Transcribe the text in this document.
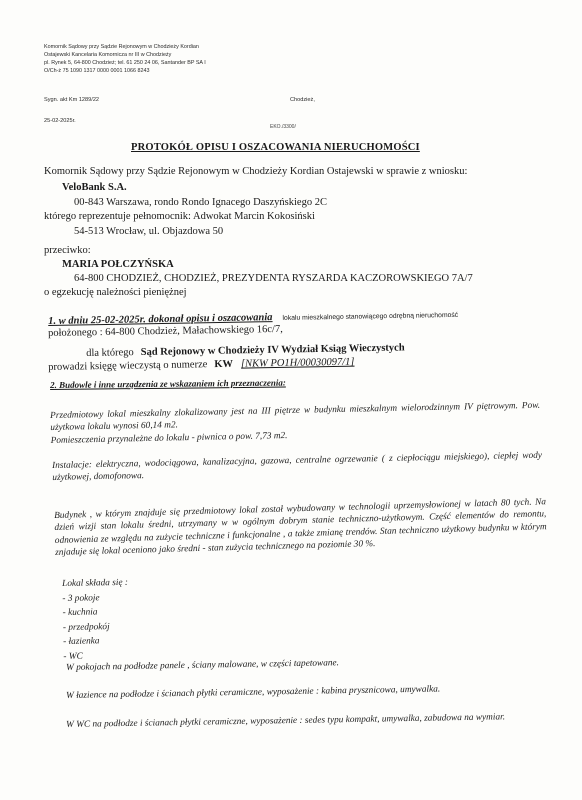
Komornik Sądowy przy Sądzie Rejonowym w Chodzieży Kordian
Ostajewski Kancelaria Komornicza nr III w Chodzieży
pl. Rynek 5, 64-800 Chodzież; tel. 61 250 24 06, Santander BP SA I
O/Ch-ż 75 1090 1317 0000 0001 1066 8243
Sygn. akt Km 1289/22	Chodzież,
25-02-2025r.
EKO./3300/
PROTOKÓŁ OPISU I OSZACOWANIA NIERUCHOMOŚCI
Komornik Sądowy przy Sądzie Rejonowym w Chodzieży Kordian Ostajewski w sprawie z wniosku:
VeloBank S.A.
00-843 Warszawa, rondo Rondo Ignacego Daszyńskiego 2C
którego reprezentuje pełnomocnik: Adwokat Marcin Kokosiński
54-513 Wrocław, ul. Objazdowa 50
przeciwko:
MARIA POŁCZYŃSKA
64-800 CHODZIEŻ, CHODZIEŻ, PREZYDENTA RYSZARDA KACZOROWSKIEGO 7A/7
o egzekucję należności pieniężnej
1. w dniu 25-02-2025r. dokonał opisu i oszacowania lokalu mieszkalnego stanowiącego odrębną nieruchomość
położonego : 64-800 Chodzież, Małachowskiego 16c/7,
dla którego Sąd Rejonowy w Chodzieży IV Wydział Ksiąg Wieczystych
prowadzi księgę wieczystą o numerze KW [NKW PO1H/00030097/1]
2. Budowle i inne urządzenia ze wskazaniem ich przeznaczenia:
Przedmiotowy lokal mieszkalny zlokalizowany jest na III piętrze w budynku mieszkalnym wielorodzinnym IV piętrowym. Pow. użytkowa lokalu wynosi 60,14 m2.
Pomieszczenia przynależne do lokalu - piwnica o pow. 7,73 m2.
Instalacje: elektryczna, wodociągowa, kanalizacyjna, gazowa, centralne ogrzewanie ( z ciepłociągu miejskiego), ciepłej wody użytkowej, domofonowa.
Budynek , w którym znajduje się przedmiotowy lokal został wybudowany w technologii uprzemysłowionej w latach 80 tych. Na dzień wizji stan lokalu średni, utrzymany w w ogólnym dobrym stanie techniczno-użytkowym. Część elementów do remontu, odnowienia ze względu na zużycie techniczne i funkcjonalne , a także zmianę trendów. Stan techniczno użytkowy budynku w którym znjaduje się lokal oceniono jako średni - stan zużycia technicznego na poziomie 30 %.
Lokal składa się :
- 3 pokoje
- kuchnia
- przedpokój
- łazienka
- WC
W pokojach na podłodze panele , ściany malowane, w części tapetowane.
W łazience na podłodze i ścianach płytki ceramiczne, wyposażenie : kabina prysznicowa, umywalka.
W WC na podłodze i ścianach płytki ceramiczne, wyposażenie : sedes typu kompakt, umywalka, zabudowa na wymiar.
